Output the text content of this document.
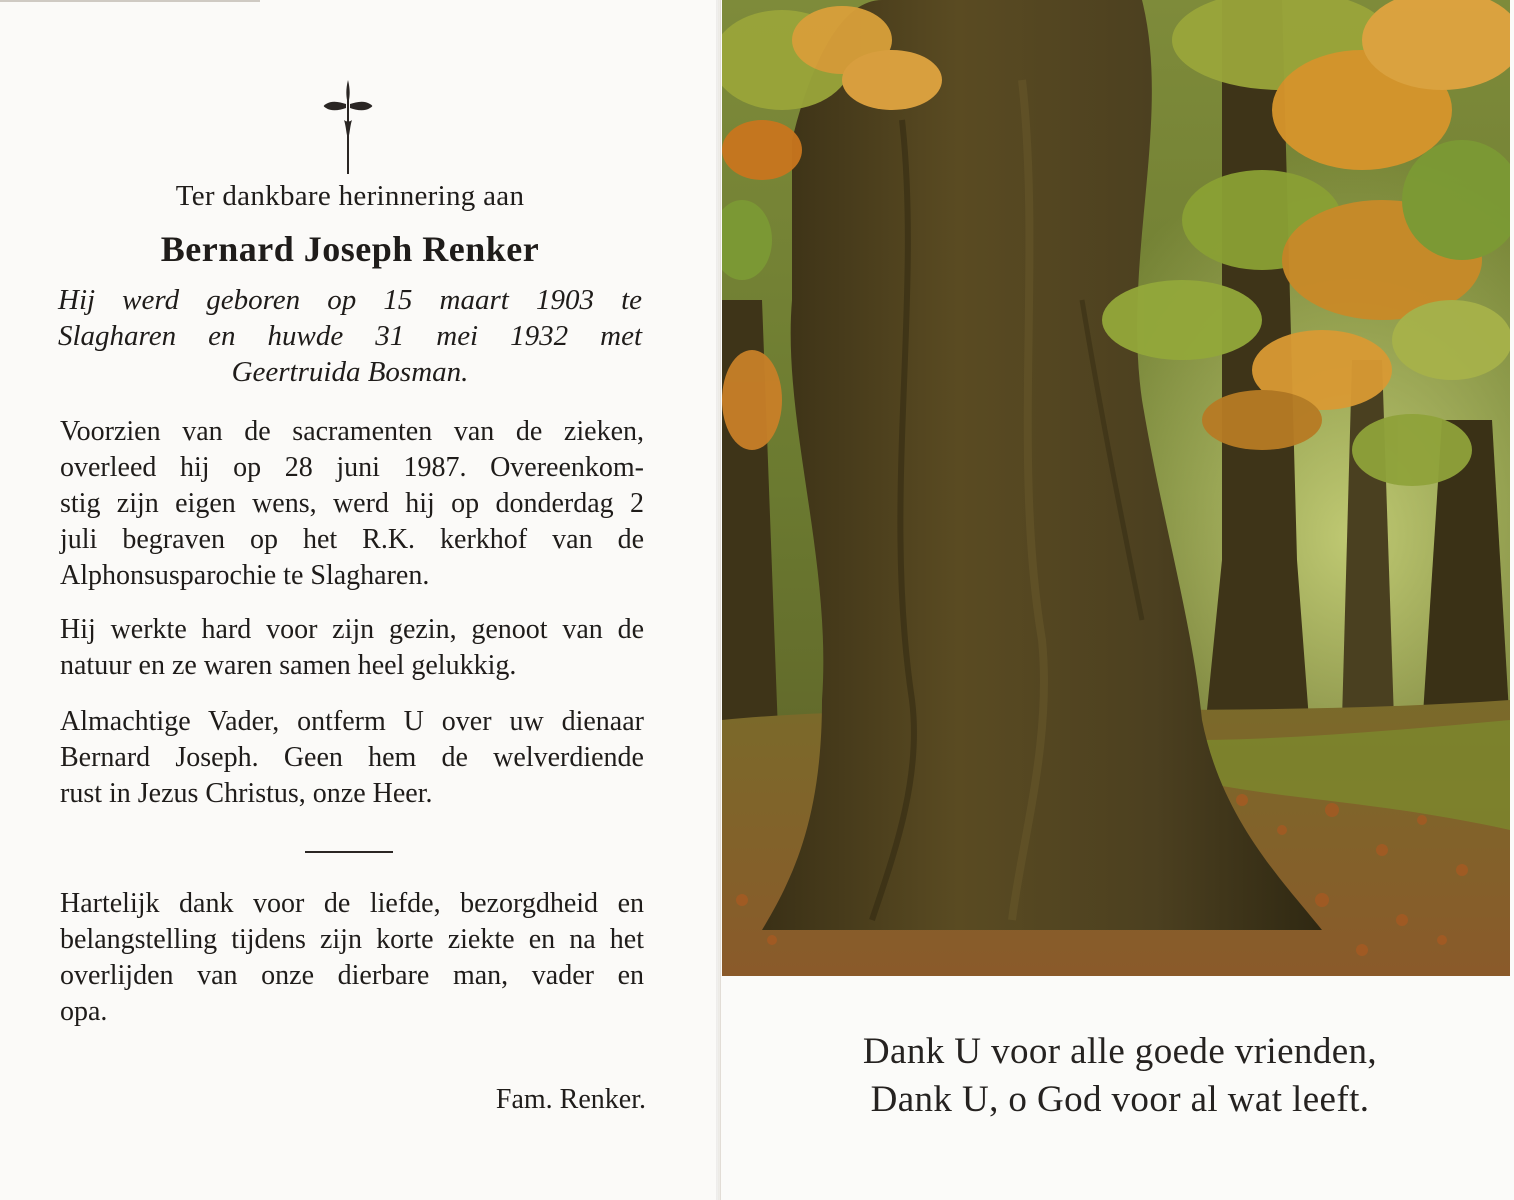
Ter dankbare herinnering aan
Bernard Joseph Renker
Hij werd geboren op 15 maart 1903 te
Slagharen en huwde 31 mei 1932 met
Geertruida Bosman.
Voorzien van de sacramenten van de zieken,
overleed hij op 28 juni 1987. Overeenkom-
stig zijn eigen wens, werd hij op donderdag 2
juli begraven op het R.K. kerkhof van de
Alphonsusparochie te Slagharen.
Hij werkte hard voor zijn gezin, genoot van de
natuur en ze waren samen heel gelukkig.
Almachtige Vader, ontferm U over uw dienaar
Bernard Joseph. Geen hem de welverdiende
rust in Jezus Christus, onze Heer.
Hartelijk dank voor de liefde, bezorgdheid en
belangstelling tijdens zijn korte ziekte en na het
overlijden van onze dierbare man, vader en
opa.
Fam. Renker.
Dank U voor alle goede vrienden,
Dank U, o God voor al wat leeft.
